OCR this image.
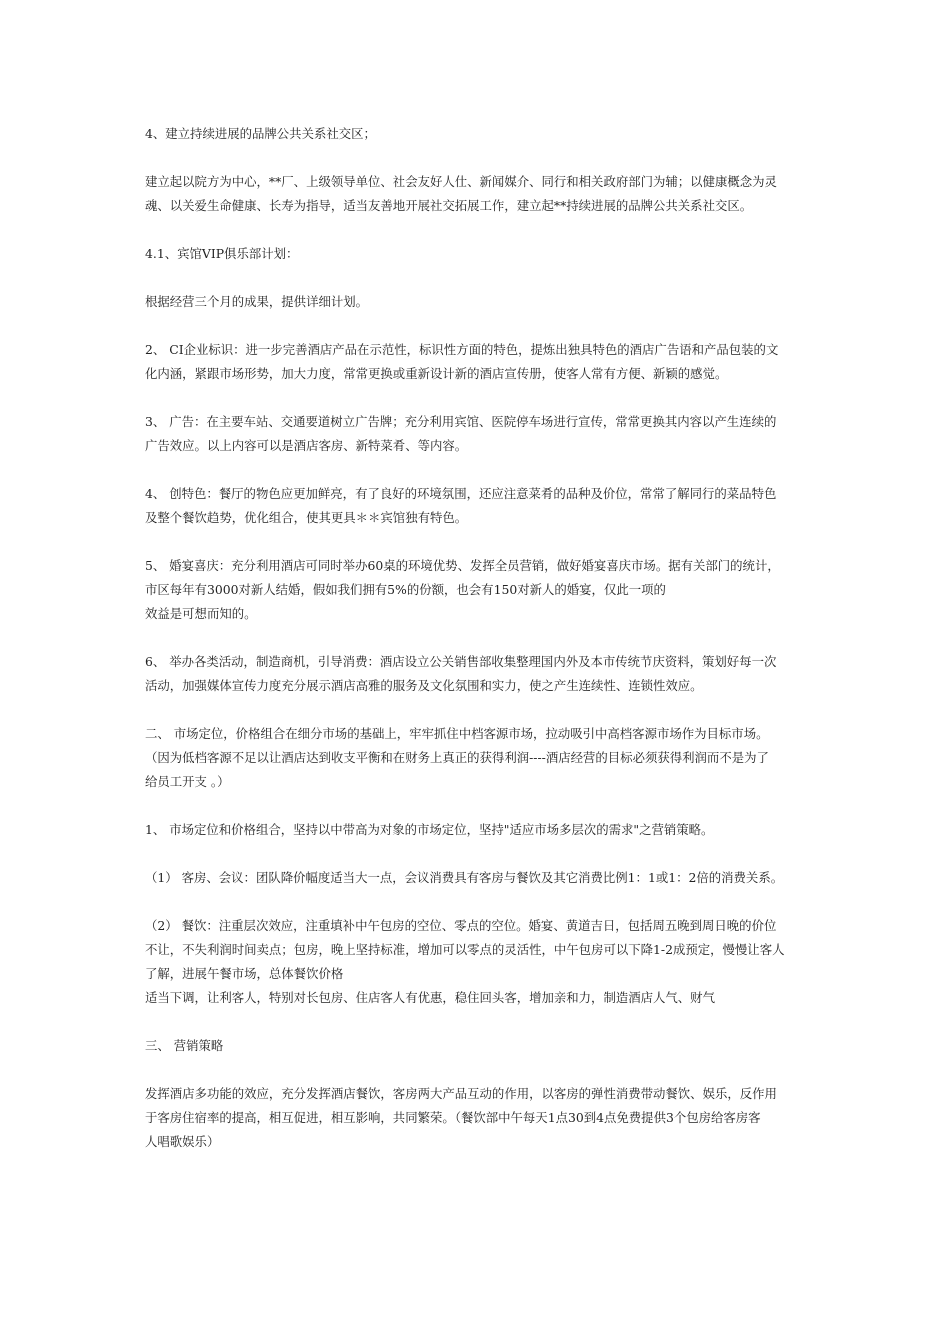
4、建立持续进展的品牌公共关系社交区；
建立起以院方为中心，**厂、上级领导单位、社会友好人仕、新闻媒介、同行和相关政府部门为辅；以健康概念为灵
魂、以关爱生命健康、长寿为指导，适当友善地开展社交拓展工作，建立起**持续进展的品牌公共关系社交区。
4.1、宾馆VIP俱乐部计划：
根据经营三个月的成果，提供详细计划。
2、 CI企业标识：进一步完善酒店产品在示范性，标识性方面的特色，提炼出独具特色的酒店广告语和产品包装的文
化内涵，紧跟市场形势，加大力度，常常更换或重新设计新的酒店宣传册，使客人常有方便、新颖的感觉。
3、 广告：在主要车站、交通要道树立广告牌；充分利用宾馆、医院停车场进行宣传，常常更换其内容以产生连续的
广告效应。以上内容可以是酒店客房、新特菜肴、等内容。
4、 创特色：餐厅的物色应更加鲜亮，有了良好的环境氛围，还应注意菜肴的品种及价位，常常了解同行的菜品特色
及整个餐饮趋势，优化组合，使其更具＊＊宾馆独有特色。
5、 婚宴喜庆：充分利用酒店可同时举办60桌的环境优势、发挥全员营销，做好婚宴喜庆市场。据有关部门的统计，
市区每年有3000对新人结婚，假如我们拥有5%的份额，也会有150对新人的婚宴，仅此一项的
效益是可想而知的。
6、 举办各类活动，制造商机，引导消费：酒店设立公关销售部收集整理国内外及本市传统节庆资料，策划好每一次
活动，加强媒体宣传力度充分展示酒店高雅的服务及文化氛围和实力，使之产生连续性、连锁性效应。
二、 市场定位，价格组合在细分市场的基础上，牢牢抓住中档客源市场，拉动吸引中高档客源市场作为目标市场。
（因为低档客源不足以让酒店达到收支平衡和在财务上真正的获得利润----酒店经营的目标必须获得利润而不是为了
给员工开支 。）
1、 市场定位和价格组合，坚持以中带高为对象的市场定位，坚持"适应市场多层次的需求"之营销策略。
（1） 客房、会议：团队降价幅度适当大一点，会议消费具有客房与餐饮及其它消费比例1：1或1：2倍的消费关系。
（2） 餐饮：注重层次效应，注重填补中午包房的空位、零点的空位。婚宴、黄道吉日，包括周五晚到周日晚的价位
不让，不失利润时间卖点；包房，晚上坚持标准，增加可以零点的灵活性，中午包房可以下降1-2成预定，慢慢让客人
了解，进展午餐市场，总体餐饮价格
适当下调，让利客人，特别对长包房、住店客人有优惠，稳住回头客，增加亲和力，制造酒店人气、财气
三、 营销策略
发挥酒店多功能的效应，充分发挥酒店餐饮，客房两大产品互动的作用，以客房的弹性消费带动餐饮、娱乐，反作用
于客房住宿率的提高，相互促进，相互影响，共同繁荣。（餐饮部中午每天1点30到4点免费提供3个包房给客房客
人唱歌娱乐）
